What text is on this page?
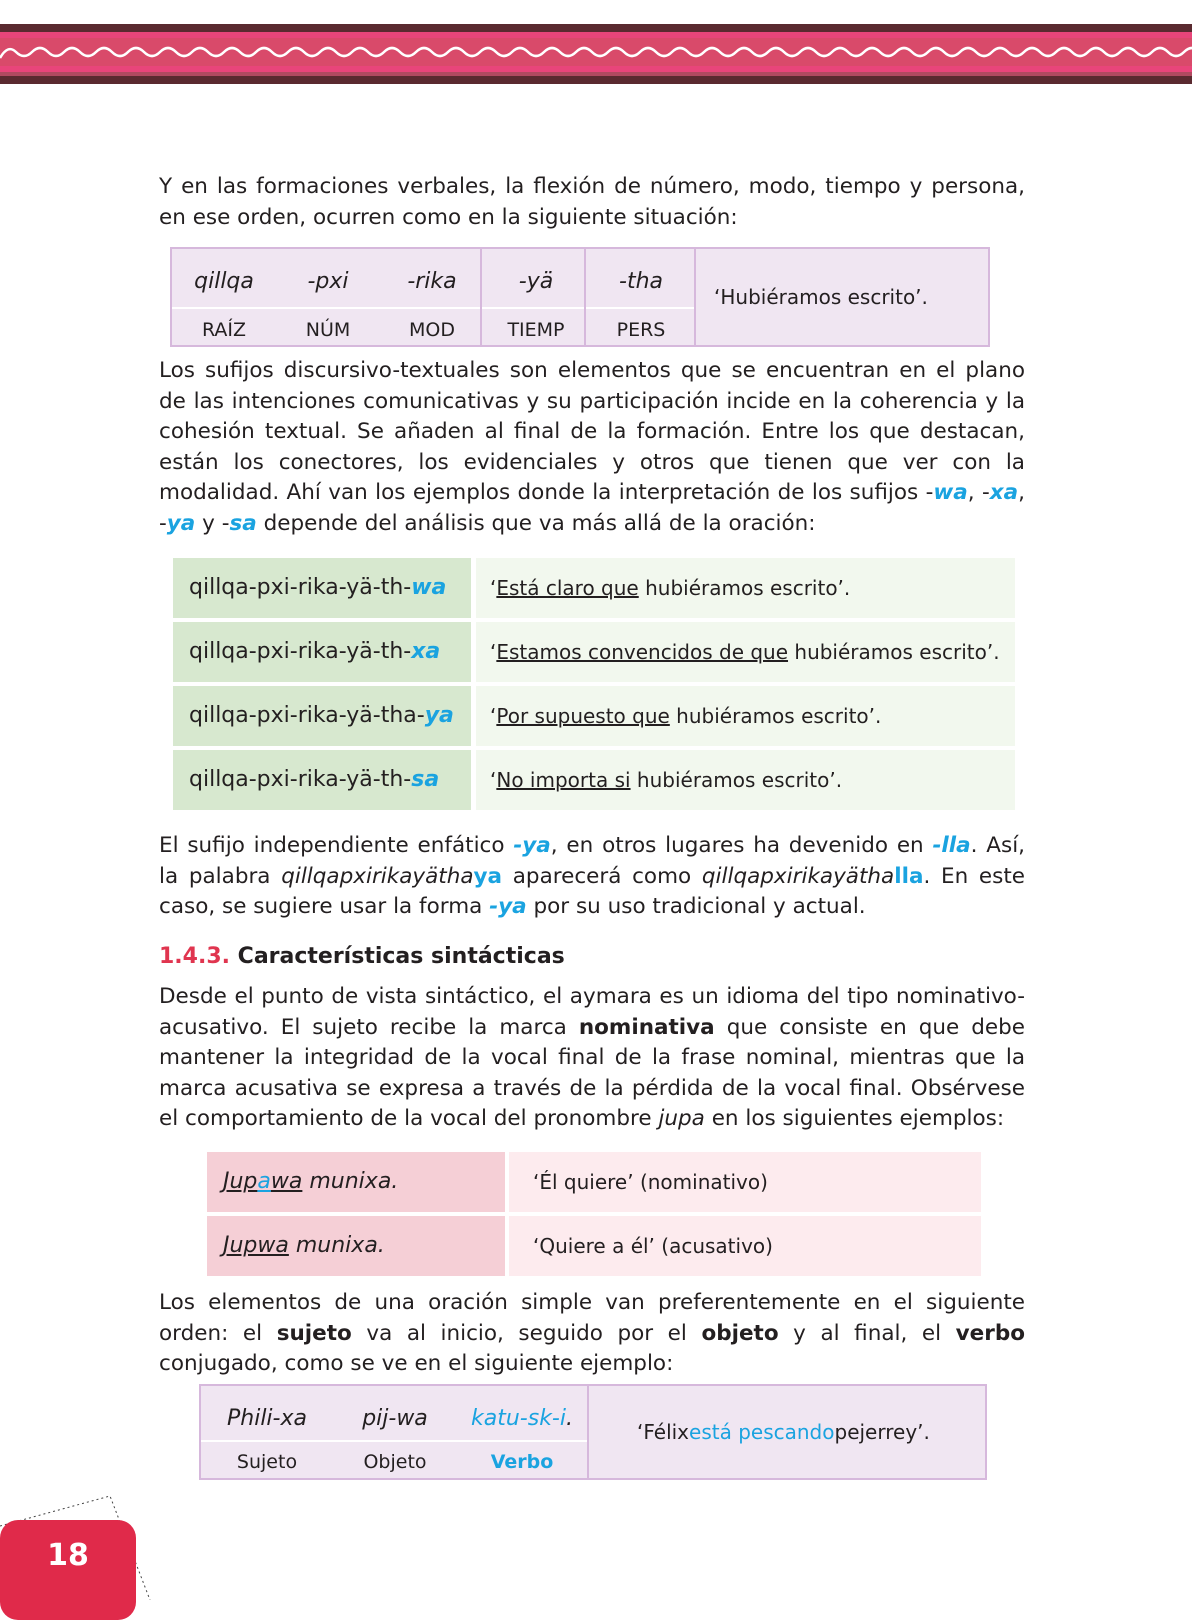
Y en las formaciones verbales, la flexión de número, modo, tiempo y persona, en ese orden, ocurren como en la siguiente situación:

qillqa	-pxi	-rika	-yä	-tha
RAÍZ	NÚM	MOD	TIEMP	PERS
‘Hubiéramos escrito’.

Los sufijos discursivo-textuales son elementos que se encuentran en el plano de las intenciones comunicativas y su participación incide en la coherencia y la cohesión textual. Se añaden al final de la formación. Entre los que destacan, están los conectores, los evidenciales y otros que tienen que ver con la modalidad. Ahí van los ejemplos donde la interpretación de los sufijos -wa, -xa, -ya y -sa depende del análisis que va más allá de la oración:

qillqa-pxi-rika-yä-th-wa	‘Está claro que hubiéramos escrito’.
qillqa-pxi-rika-yä-th-xa	‘Estamos convencidos de que hubiéramos escrito’.
qillqa-pxi-rika-yä-tha-ya	‘Por supuesto que hubiéramos escrito’.
qillqa-pxi-rika-yä-th-sa	‘No importa si hubiéramos escrito’.

El sufijo independiente enfático -ya, en otros lugares ha devenido en -lla. Así, la palabra qillqapxirikayäthaya aparecerá como qillqapxirikayäthalla. En este caso, se sugiere usar la forma -ya por su uso tradicional y actual.

1.4.3. Características sintácticas

Desde el punto de vista sintáctico, el aymara es un idioma del tipo nominativo-acusativo. El sujeto recibe la marca nominativa que consiste en que debe mantener la integridad de la vocal final de la frase nominal, mientras que la marca acusativa se expresa a través de la pérdida de la vocal final. Obsérvese el comportamiento de la vocal del pronombre jupa en los siguientes ejemplos:

Jupawa munixa.	‘Él quiere’ (nominativo)
Jupwa munixa.	‘Quiere a él’ (acusativo)

Los elementos de una oración simple van preferentemente en el siguiente orden: el sujeto va al inicio, seguido por el objeto y al final, el verbo conjugado, como se ve en el siguiente ejemplo:

Phili-xa	pij-wa	katu-sk-i.
Sujeto	Objeto	Verbo
‘Félix está pescando pejerrey’.
18
